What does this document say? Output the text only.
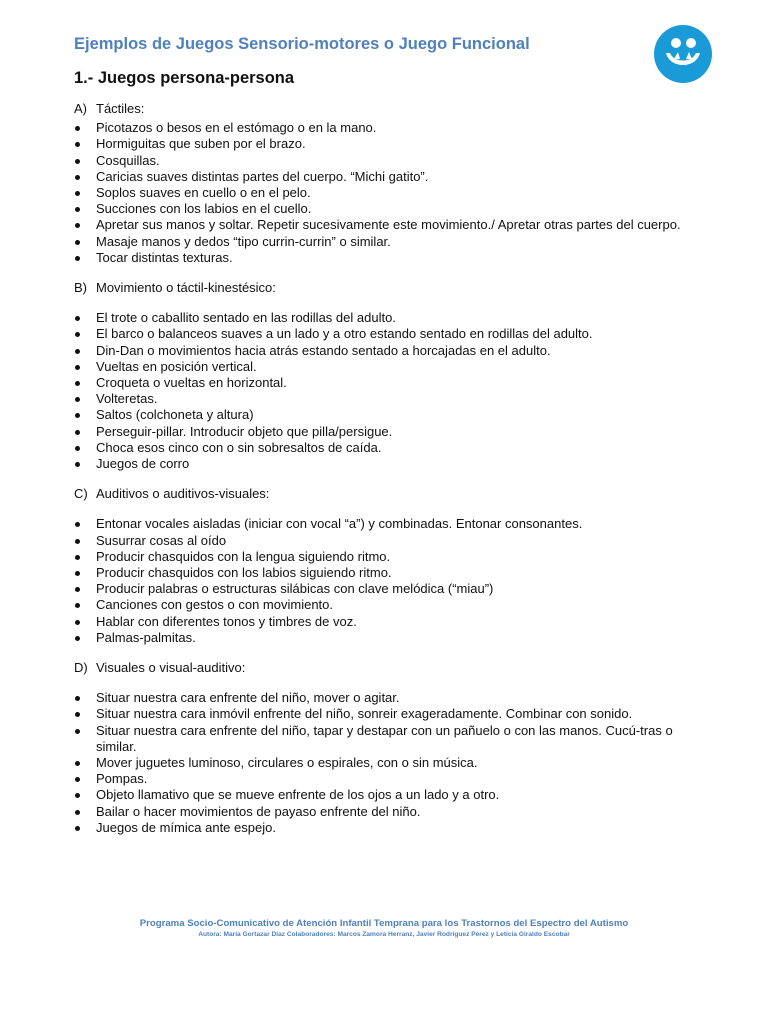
Ejemplos de Juegos Sensorio-motores o Juego Funcional
1.- Juegos persona-persona
A) Táctiles:
Picotazos o besos en el estómago o en la mano.
Hormiguitas que suben por el brazo.
Cosquillas.
Caricias suaves distintas partes del cuerpo. “Michi gatito”.
Soplos suaves en cuello o en el pelo.
Succiones con los labios en el cuello.
Apretar sus manos y soltar. Repetir sucesivamente este movimiento./ Apretar otras partes del cuerpo.
Masaje manos y dedos “tipo currin-currin” o similar.
Tocar distintas texturas.
B) Movimiento o táctil-kinestésico:
El trote o caballito sentado en las rodillas del adulto.
El barco o balanceos suaves a un lado y a otro estando sentado en rodillas del adulto.
Din-Dan o movimientos hacia atrás estando sentado a horcajadas en el adulto.
Vueltas en posición vertical.
Croqueta o vueltas en horizontal.
Volteretas.
Saltos (colchoneta y altura)
Perseguir-pillar. Introducir objeto que pilla/persigue.
Choca esos cinco con o sin sobresaltos de caída.
Juegos de corro
C) Auditivos o auditivos-visuales:
Entonar vocales aisladas (iniciar con vocal “a”) y combinadas. Entonar consonantes.
Susurrar cosas al oído
Producir chasquidos con la lengua siguiendo ritmo.
Producir chasquidos con los labios siguiendo ritmo.
Producir palabras o estructuras silábicas con clave melódica (“miau”)
Canciones con gestos o con movimiento.
Hablar con diferentes tonos y timbres de voz.
Palmas-palmitas.
D) Visuales o visual-auditivo:
Situar nuestra cara enfrente del niño, mover o agitar.
Situar nuestra cara inmóvil enfrente del niño, sonreir exageradamente. Combinar con sonido.
Situar nuestra cara enfrente del niño, tapar y destapar con un pañuelo o con las manos. Cucú-tras o similar.
Mover juguetes luminoso, circulares o espirales, con o sin música.
Pompas.
Objeto llamativo que se mueve enfrente de los ojos a un lado y a otro.
Bailar o hacer movimientos de payaso enfrente del niño.
Juegos de mímica ante espejo.
Programa Socio-Comunicativo de Atención Infantil Temprana para los Trastornos del Espectro del Autismo
Autora: María Gortazar Díaz Colaboradores: Marcos Zamora Herranz, Javier Rodríguez Pérez y Leticia Giraldo Escobar
